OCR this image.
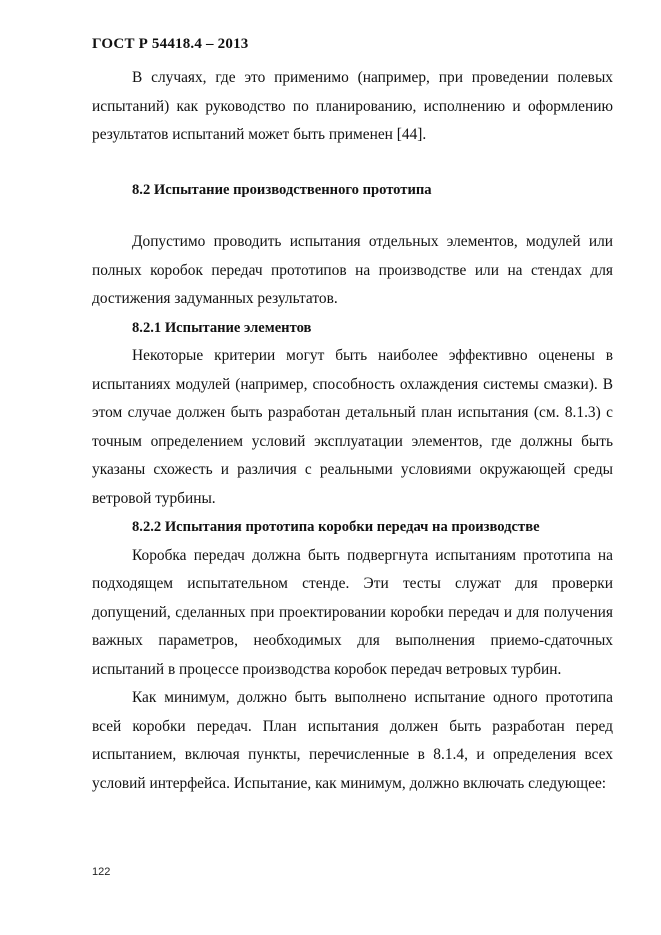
ГОСТ Р 54418.4 – 2013

В случаях, где это применимо (например, при проведении полевых испытаний) как руководство по планированию, исполнению и оформлению результатов испытаний может быть применен [44].

8.2 Испытание производственного прототипа

Допустимо проводить испытания отдельных элементов, модулей или полных коробок передач прототипов на производстве или на стендах для достижения задуманных результатов.

8.2.1 Испытание элементов

Некоторые критерии могут быть наиболее эффективно оценены в испытаниях модулей (например, способность охлаждения системы смазки). В этом случае должен быть разработан детальный план испытания (см. 8.1.3) с точным определением условий эксплуатации элементов, где должны быть указаны схожесть и различия с реальными условиями окружающей среды ветровой турбины.

8.2.2 Испытания прототипа коробки передач на производстве

Коробка передач должна быть подвергнута испытаниям прототипа на подходящем испытательном стенде. Эти тесты служат для проверки допущений, сделанных при проектировании коробки передач и для получения важных параметров, необходимых для выполнения приемо-сдаточных испытаний в процессе производства коробок передач ветровых турбин.

Как минимум, должно быть выполнено испытание одного прототипа всей коробки передач. План испытания должен быть разработан перед испытанием, включая пункты, перечисленные в 8.1.4, и определения всех условий интерфейса. Испытание, как минимум, должно включать следующее:

122
